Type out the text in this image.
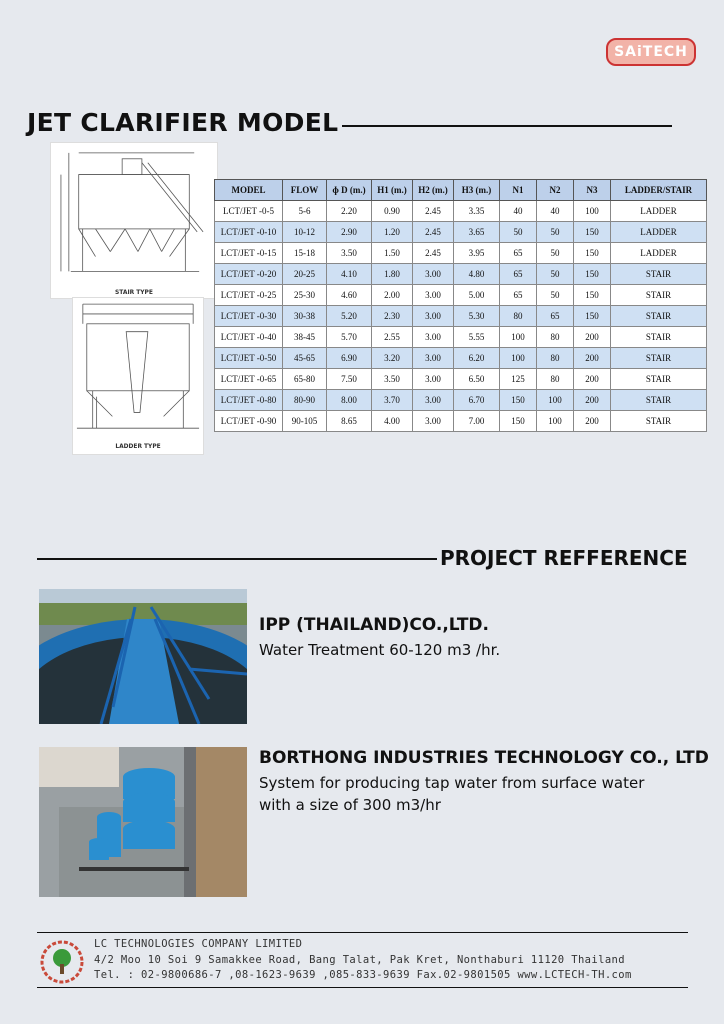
SAiTECH
JET CLARIFIER MODEL
STAIR TYPE
LADDER TYPE
MODEL	FLOW	ɸ D (m.)	H1 (m.)	H2 (m.)	H3 (m.)	N1	N2	N3	LADDER/STAIR
LCT/JET -0-5	5-6	2.20	0.90	2.45	3.35	40	40	100	LADDER
LCT/JET -0-10	10-12	2.90	1.20	2.45	3.65	50	50	150	LADDER
LCT/JET -0-15	15-18	3.50	1.50	2.45	3.95	65	50	150	LADDER
LCT/JET -0-20	20-25	4.10	1.80	3.00	4.80	65	50	150	STAIR
LCT/JET -0-25	25-30	4.60	2.00	3.00	5.00	65	50	150	STAIR
LCT/JET -0-30	30-38	5.20	2.30	3.00	5.30	80	65	150	STAIR
LCT/JET -0-40	38-45	5.70	2.55	3.00	5.55	100	80	200	STAIR
LCT/JET -0-50	45-65	6.90	3.20	3.00	6.20	100	80	200	STAIR
LCT/JET -0-65	65-80	7.50	3.50	3.00	6.50	125	80	200	STAIR
LCT/JET -0-80	80-90	8.00	3.70	3.00	6.70	150	100	200	STAIR
LCT/JET -0-90	90-105	8.65	4.00	3.00	7.00	150	100	200	STAIR
PROJECT REFFERENCE
IPP (THAILAND)CO.,LTD.
Water Treatment 60-120 m3 /hr.
BORTHONG INDUSTRIES TECHNOLOGY CO., LTD
System for producing tap water from surface water
with a size of 300 m3/hr
LC TECHNOLOGIES COMPANY LIMITED
4/2 Moo 10 Soi 9 Samakkee Road, Bang Talat, Pak Kret, Nonthaburi 11120 Thailand
Tel. : 02-9800686-7 ,08-1623-9639 ,085-833-9639 Fax.02-9801505 www.LCTECH-TH.com
